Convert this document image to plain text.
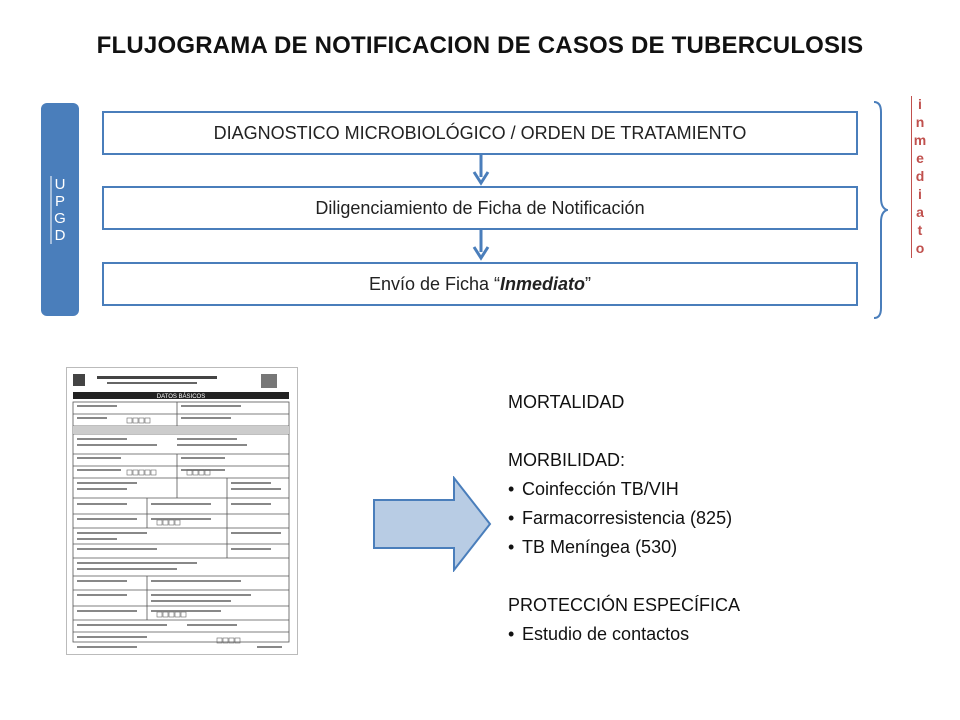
FLUJOGRAMA DE NOTIFICACION DE CASOS DE TUBERCULOSIS
UPGD
DIAGNOSTICO MICROBIOLÓGICO / ORDEN DE TRATAMIENTO
Diligenciamiento de Ficha de Notificación
Envío de Ficha “Inmediato”
inmediato
DATOS BÁSICOS	MORTALIDAD
MORBILIDAD:
• Coinfección TB/VIH
• Farmacorresistencia (825)
• TB Meníngea (530)
PROTECCIÓN ESPECÍFICA
• Estudio de contactos
